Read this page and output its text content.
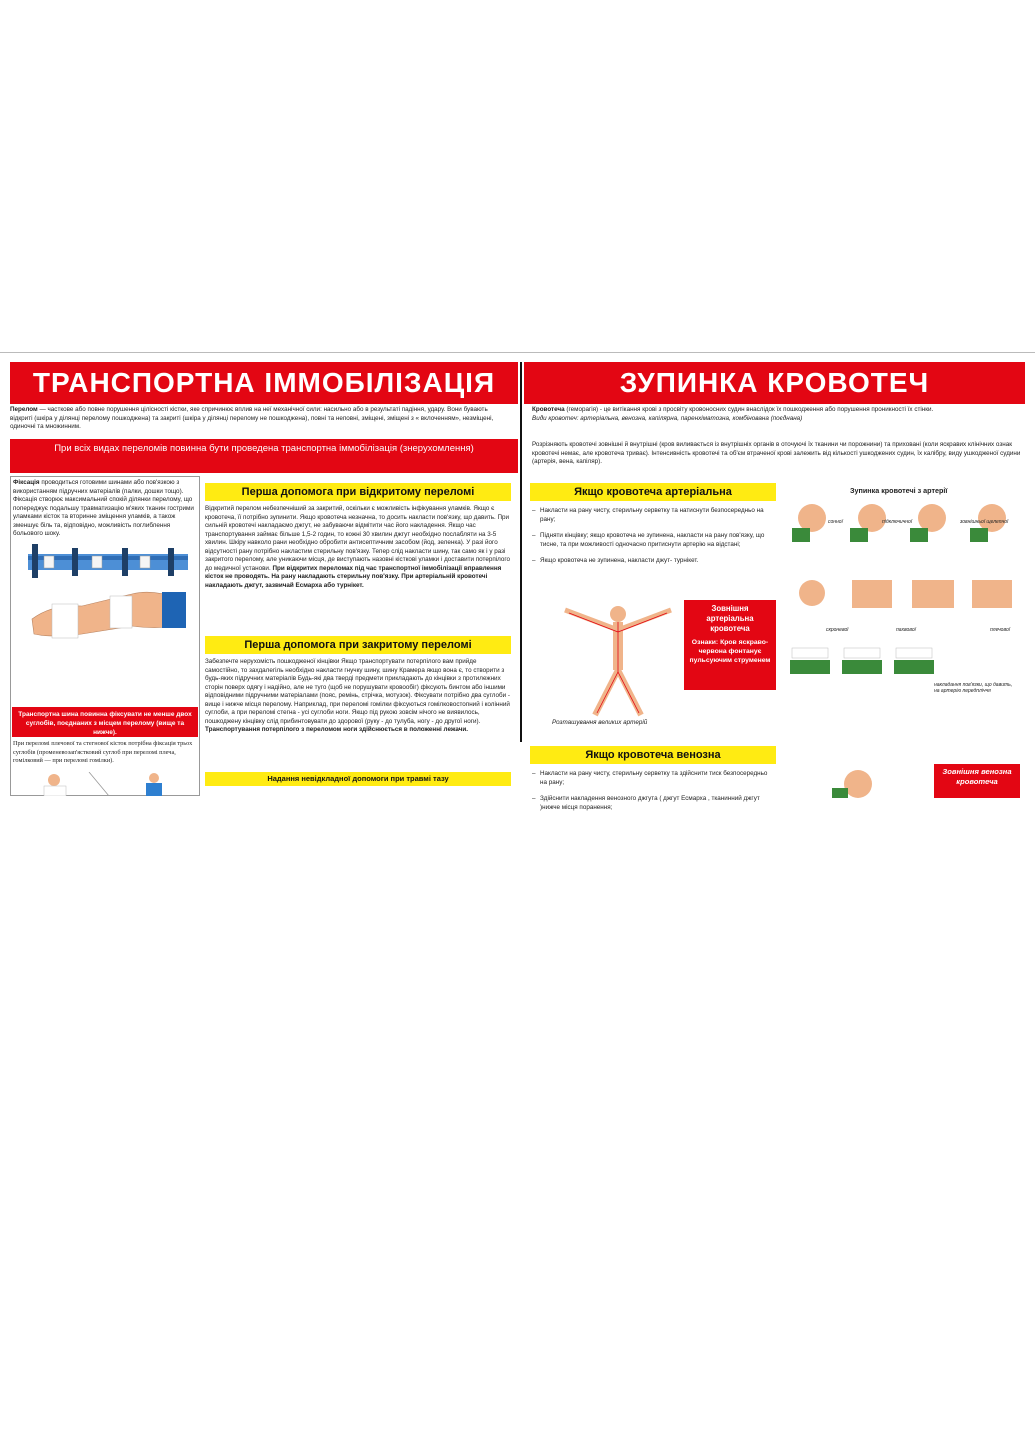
ТРАНСПОРТНА ІММОБІЛІЗАЦІЯ
Перелом — часткове або повне порушення цілісності кістки, яке спричинює вплив на неї механічної сили: насильно або в результаті падіння, удару. Вони бувають відкриті (шкіра у ділянці перелому пошкоджена) та закриті (шкіра у ділянці перелому не пошкоджена), повні та неповні, зміщені, зміщені з « вклоченням», незміщені, одиночні та множинним.
При всіх видах переломів повинна бути проведена транспортна іммобілізація (знерухомлення)
Фіксація проводиться готовими шинами або пов'язкою з використанням підручних матеріалів (палки, дошки тощо). Фіксація створює максимальний спокій ділянки перелому, що попереджує подальшу травматизацію м'яких тканин гострими уламками кісток та вторинне зміщення уламків, а також зменшує біль та, відповідно, можливість поглиблення больового шоку.
Транспортна шина повинна фіксувати не менше двох суглобів, поєднаних з місцем перелому (вище та нижче).
При переломі плечової та стегнової кісток потрібна фіксація трьох суглобів (променевозап'ястковий суглоб при переломі плеча, гомілковий — при переломі гомілки).
Перша допомога при відкритому переломі
Відкритий перелом небезпечніший за закритий, оскільки є можливість інфікування уламків. Якщо є кровотеча, її потрібно зупинити. Якщо кровотеча незначна, то досить накласти пов'язку, що давить. При сильній кровотечі накладаємо джгут, не забуваючи відмітити час його накладення. Якщо час транспортування займає більше 1,5-2 годин, то кожні 30 хвилин джгут необхідно послабляти на 3-5 хвилин. Шкіру навколо рани необхідно обробити антисептичним засобом (йод, зеленка). У разі його відсутності рану потрібно накластим стерильну пов'язку. Тепер слід накласти шину, так само як і у разі закритого перелому, але уникаючи місця, де виступають назовні кісткові уламки і доставити потерпілого до медичної установи. При відкритих переломах під час транспортної іммобілізації вправлення кісток не проводять. На рану накладають стерильну пов'язку. При артеріальній кровотечі накладають джгут, зазвичай Есмарха або турнікет.
Перша допомога при закритому переломі
Забезпечте нерухомість пошкодженої кінцівки Якщо транспортувати потерпілого вам прийде самостійно, то захдалегіль необхідно накласти гнучку шину, шину Крамера якщо вона є, то створити з будь-яких підручних матеріалів Будь-які два тверді предмети прикладають до кінцівки з протилежних сторін поверх одягу і надійно, але не туго (щоб не порушувати кровообіг) фіксують бинтом або іншими відповідними підручними матеріалами (пояс, ремінь, стрічка, мотузок). Фіксувати потрібно два суглоби - вище і нижче місця перелому. Наприклад, при переломі гомілки фіксуються гомілковостопний і колінний суглоби, а при переломі стегна - усі суглоби ноги. Якщо під рукою зовсім нічого не виявилось, пошкоджену кінцівку слід прибинтовувати до здорової (руку - до тулуба, ногу - до другої ноги). Транспортування потерпілого з переломом ноги здійснюється в положенні лежачи.
Надання невідкладної допомоги при травмі тазу
ЗУПИНКА КРОВОТЕЧ
Кровотеча (геморагія) - це витікання крові з просвіту кровоносних судин внаслідок їх пошкодження або порушення проникності їх стінки.
Види кровотеч: артеріальна, венозна, капілярна, паренхіматозна, комбінована (поєднана)
Розрізняють кровотечі зовнішні й внутрішні (кров виливається із внутрішніх органів в оточуючі їх тканини чи порожнини) та приховані (коли яскравих клінічних ознак кровотечі немає, але кровотеча триває). Інтенсивність кровотечі та об'єм втраченої крові залежить від кількості ушкоджених судин, їх калібру, виду ушкодженої судини (артерія, вена, капіляр).
Якщо кровотеча артеріальна
– Накласти на рану чисту, стерильну серветку та натиснути безпосередньо на рану;
– Підняти кінцівку; якщо кровотеча не зупинена, накласти на рану пов'язку, що тисне, та при можливості одночасно притиснути артерію на відстані;
– Якщо кровотеча не зупинена, накласти джут- турнікет.
Розташування великих артерій
Зовнішня артеріальна кровотеча
Ознаки: Кров яскраво-червона фонтанує пульсуючим струменем
Зупинка кровотечі з артерії
сонної	підключичної	зовнішньої щелепної
скроневої	пахвової	плечової
накладання пов'язки, що давить, на артерію передпліччя
Якщо кровотеча венозна
– Накласти на рану чисту, стерильну серветку та здійснити тиск безпосередньо на рану;
– Здійснити накладення венозного джгута ( джгут Есмарха , тканинний джгут )нижче місця поранення;
Зовнішня венозна кровотеча
